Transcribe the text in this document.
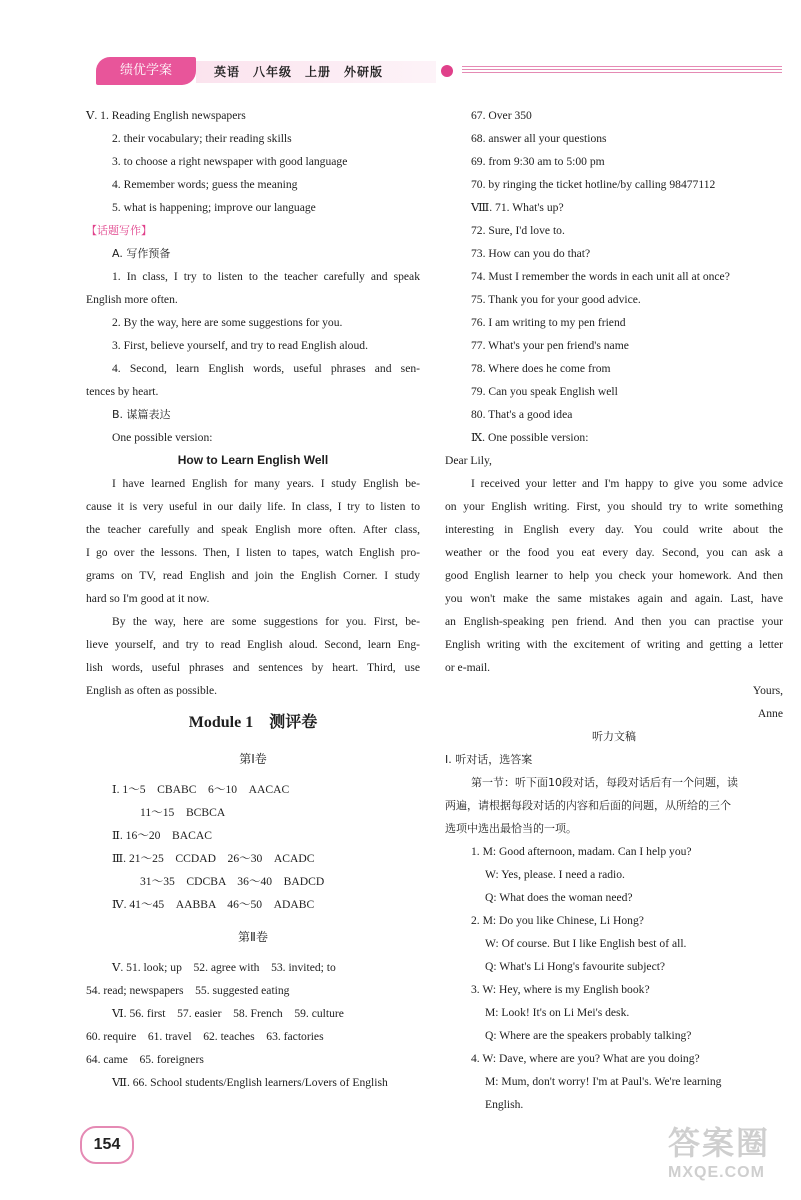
绩优学案	英语　八年级　上册　外研版
Ⅴ. 1. Reading English newspapers
2. their vocabulary; their reading skills
3. to choose a right newspaper with good language
4. Remember words; guess the meaning
5. what is happening; improve our language
【话题写作】
A. 写作预备
1. In class, I try to listen to the teacher carefully and speak
English more often.
2. By the way, here are some suggestions for you.
3. First, believe yourself, and try to read English aloud.
4. Second, learn English words, useful phrases and sen-
tences by heart.
B. 谋篇表达
One possible version:
How to Learn English Well
I have learned English for many years. I study English be-
cause it is very useful in our daily life. In class, I try to listen to
the teacher carefully and speak English more often. After class,
I go over the lessons. Then, I listen to tapes, watch English pro-
grams on TV, read English and join the English Corner. I study
hard so I'm good at it now.
By the way, here are some suggestions for you. First, be-
lieve yourself, and try to read English aloud. Second, learn Eng-
lish words, useful phrases and sentences by heart. Third, use
English as often as possible.
Module 1　测评卷
第Ⅰ卷
Ⅰ. 1～5　CBABC　6～10　AACAC
11～15　BCBCA
Ⅱ. 16～20　BACAC
Ⅲ. 21～25　CCDAD　26～30　ACADC
31～35　CDCBA　36～40　BADCD
Ⅳ. 41～45　AABBA　46～50　ADABC
第Ⅱ卷
Ⅴ. 51. look; up　52. agree with　53. invited; to
54. read; newspapers　55. suggested eating
Ⅵ. 56. first　57. easier　58. French　59. culture
60. require　61. travel　62. teaches　63. factories
64. came　65. foreigners
Ⅶ. 66. School students/English learners/Lovers of English
67. Over 350
68. answer all your questions
69. from 9:30 am to 5:00 pm
70. by ringing the ticket hotline/by calling 98477112
Ⅷ. 71. What's up?
72. Sure, I'd love to.
73. How can you do that?
74. Must I remember the words in each unit all at once?
75. Thank you for your good advice.
76. I am writing to my pen friend
77. What's your pen friend's name
78. Where does he come from
79. Can you speak English well
80. That's a good idea
Ⅸ. One possible version:
Dear Lily,
I received your letter and I'm happy to give you some advice
on your English writing. First, you should try to write something
interesting in English every day. You could write about the
weather or the food you eat every day. Second, you can ask a
good English learner to help you check your homework. And then
you won't make the same mistakes again and again. Last, have
an English-speaking pen friend. And then you can practise your
English writing with the excitement of writing and getting a letter
or e-mail.
Yours,
Anne
听力文稿
Ⅰ. 听对话，选答案
第一节：听下面10段对话，每段对话后有一个问题，读
两遍，请根据每段对话的内容和后面的问题，从所给的三个
选项中选出最恰当的一项。
1. M: Good afternoon, madam. Can I help you?
W: Yes, please. I need a radio.
Q: What does the woman need?
2. M: Do you like Chinese, Li Hong?
W: Of course. But I like English best of all.
Q: What's Li Hong's favourite subject?
3. W: Hey, where is my English book?
M: Look! It's on Li Mei's desk.
Q: Where are the speakers probably talking?
4. W: Dave, where are you? What are you doing?
M: Mum, don't worry! I'm at Paul's. We're learning
English.
154	答案圈
MXQE.COM
